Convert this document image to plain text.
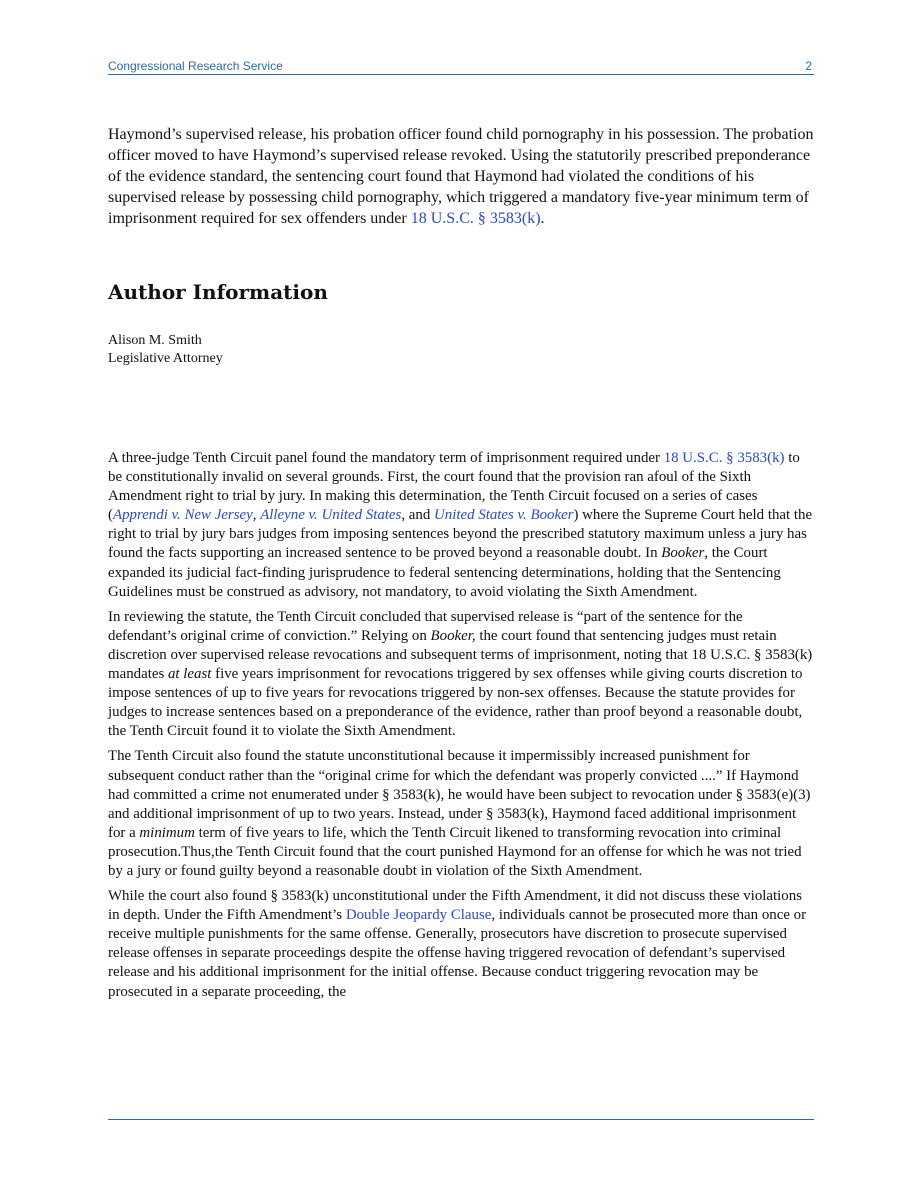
Congressional Research Service	2

Haymond’s supervised release, his probation officer found child pornography in his possession. The probation officer moved to have Haymond’s supervised release revoked. Using the statutorily prescribed preponderance of the evidence standard, the sentencing court found that Haymond had violated the conditions of his supervised release by possessing child pornography, which triggered a mandatory five-year minimum term of imprisonment required for sex offenders under 18 U.S.C. § 3583(k).

Author Information
Alison M. Smith
Legislative Attorney

A three-judge Tenth Circuit panel found the mandatory term of imprisonment required under 18 U.S.C. § 3583(k) to be constitutionally invalid on several grounds. First, the court found that the provision ran afoul of the Sixth Amendment right to trial by jury. In making this determination, the Tenth Circuit focused on a series of cases (Apprendi v. New Jersey, Alleyne v. United States, and United States v. Booker) where the Supreme Court held that the right to trial by jury bars judges from imposing sentences beyond the prescribed statutory maximum unless a jury has found the facts supporting an increased sentence to be proved beyond a reasonable doubt. In Booker, the Court expanded its judicial fact-finding jurisprudence to federal sentencing determinations, holding that the Sentencing Guidelines must be construed as advisory, not mandatory, to avoid violating the Sixth Amendment.

In reviewing the statute, the Tenth Circuit concluded that supervised release is “part of the sentence for the defendant’s original crime of conviction.” Relying on Booker, the court found that sentencing judges must retain discretion over supervised release revocations and subsequent terms of imprisonment, noting that 18 U.S.C. § 3583(k) mandates at least five years imprisonment for revocations triggered by sex offenses while giving courts discretion to impose sentences of up to five years for revocations triggered by non-sex offenses. Because the statute provides for judges to increase sentences based on a preponderance of the evidence, rather than proof beyond a reasonable doubt, the Tenth Circuit found it to violate the Sixth Amendment.

The Tenth Circuit also found the statute unconstitutional because it impermissibly increased punishment for subsequent conduct rather than the “original crime for which the defendant was properly convicted ....” If Haymond had committed a crime not enumerated under § 3583(k), he would have been subject to revocation under § 3583(e)(3) and additional imprisonment of up to two years. Instead, under § 3583(k), Haymond faced additional imprisonment for a minimum term of five years to life, which the Tenth Circuit likened to transforming revocation into criminal prosecution.Thus,the Tenth Circuit found that the court punished Haymond for an offense for which he was not tried by a jury or found guilty beyond a reasonable doubt in violation of the Sixth Amendment.

While the court also found § 3583(k) unconstitutional under the Fifth Amendment, it did not discuss these violations in depth. Under the Fifth Amendment’s Double Jeopardy Clause, individuals cannot be prosecuted more than once or receive multiple punishments for the same offense. Generally, prosecutors have discretion to prosecute supervised release offenses in separate proceedings despite the offense having triggered revocation of defendant’s supervised release and his additional imprisonment for the initial offense. Because conduct triggering revocation may be prosecuted in a separate proceeding, the
